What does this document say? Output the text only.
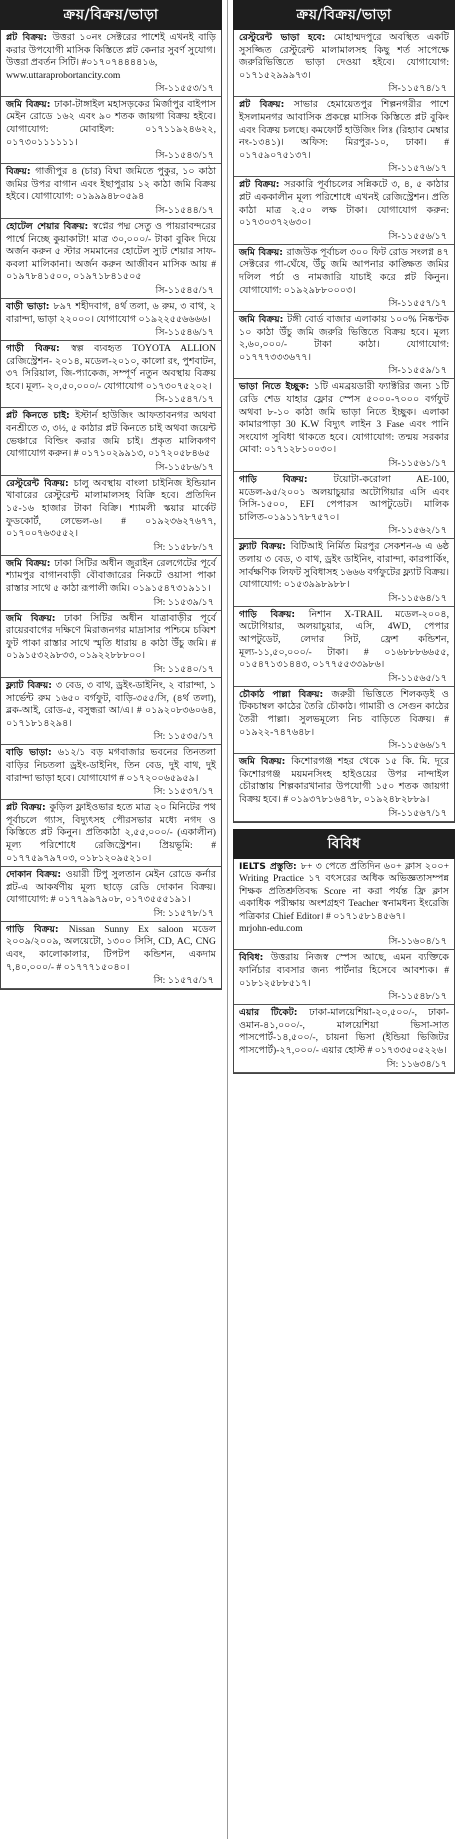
ক্রয়/বিক্রয়/ভাড়া
প্লট বিক্রয়: উত্তরা ১০নং সেক্টরের পাশেই এখনই বাড়ি করার উপযোগী মাসিক কিস্তিতে প্লট কেনার সুবর্ণ সুযোগ। উত্তরা প্রবর্তন সিটি। #০১৭০৭৪৪৪৪১৬,
www.uttaraprobortancity.com
সি-১১৫৫৩/১৭
জমি বিক্রয়: ঢাকা-টাঙ্গাইল মহাসড়কের মির্জাপুর বাইপাস মেইন রোডে ১৬২ এবং ৯০ শতক জায়গা বিক্রয় হইবে। যোগাযোগ: মোবাইল: ০১৭১১৯২৪৬২২, ০১৭৩০১১১১১১।
সি-১১৫৪৩/১৭
বিক্রয়: গাজীপুর ৪ (চার) বিঘা জমিতে পুকুর, ১০ কাঠা জমির উপর বাগান এবং ইছাপুরায় ১২ কাঠা জমি বিক্রয় হইবে। যোগাযোগ: ০১৯৯৯৪৮০৫৯৪
সি-১১৫৪৪/১৭
হোটেল শেয়ার বিক্রয়: স্বপ্নের পদ্ম সেতু ও পায়রাবন্দরের পার্শ্বে নিচ্ছে কুয়াকাটা! মাত্র ৩০,০০০/- টাকা বুকিং দিয়ে অর্জন করুন ৫ স্টার সমমানের হোটেল স্যুট শেয়ার সাফ-কবলা মালিকানা। অর্জন করুন আজীবন মাসিক আয় # ০১৯৭৮৪১৫০০, ০১৯৭১৮৪১৫০৫
সি-১১৫৪৫/১৭
বাড়ী ভাড়া: ৮৯৭ শহীদবাগ, ৪র্থ তলা, ৬ রুম, ৩ বাথ, ২ বারান্দা, ভাড়া ২২০০০। যোগাযোগ ০১৯২২৫৫৬৬৬৬।
সি-১১৫৪৬/১৭
গাড়ী বিক্রয়: স্বল্প ব্যবহৃত TOYOTA ALLION রেজিস্ট্রেশন- ২০১৪, মডেল-২০১০, কালো রং, পুশবাটন, ৩৭ সিরিয়াল, জি-প্যাকেজ, সম্পূর্ণ নতুন অবস্থায় বিক্রয় হবে। মূল্য- ২০,৫০,০০০/- যোগাযোগ ০১৭৩০৭৫২০২।
সি-১১৫৪৭/১৭
প্লট কিনতে চাই: ইস্টার্ন হাউজিং আফতাবনগর অথবা বনশ্রীতে ৩, ৩½, ৫ কাঠার প্লট কিনতে চাই অথবা জয়েন্ট ভেঞ্চারে বিল্ডিং করার জমি চাই। প্রকৃত মালিকগণ যোগাযোগ করুন। # ০১৭১০২৯৯১৩, ০১৭২০৫৮৪৬৫
সি-১১৫৮৬/১৭
রেস্টুরেন্ট বিক্রয়: চালু অবস্থায় বাংলা চাইনিজ ইন্ডিয়ান খাবারের রেস্টুরেন্ট মালামালসহ বিক্রি হবে। প্রতিদিন ১৫-১৬ হাজার টাকা বিক্রি। শ্যামলী স্কয়ার মার্কেট ফুডকোর্ট, লেভেল-৬। # ০১৯২৩৬২৭৬৭৭, ০১৭০০৭৬৩৫৫২।
সি: ১১৫৮৮/১৭
জমি বিক্রয়: ঢাকা সিটির অধীন জুরাইন রেলগেটের পূর্বে শ্যামপুর বাগানবাড়ী বৌবাজারের নিকটে ওয়াসা পাকা রাস্তার সাথে ৫ কাঠা রূপালী জমি। ০১৯১৫৪৭৩১৯১১।
সি: ১১৫৩৯/১৭
জমি বিক্রয়: ঢাকা সিটির অধীন যাত্রাবাড়ীর পূর্বে রায়েরবাগের দক্ষিণে মিরাজনগর মাদ্রাসার পশ্চিমে চব্বিশ ফুট পাকা রাস্তার সাথে স্মৃতি ধারায় ৪ কাঠা উঁচু জমি। # ০১৯১৫৩২৯৮৩৩, ০১৯২২৮৮৮০০।
সি: ১১৫৪০/১৭
ফ্ল্যাট বিক্রয়: ৩ বেড, ৩ বাথ, ড্রইং-ডাইনিং, ২ বারান্দা, ১ সার্ভেন্ট রুম ১৬৫০ বর্গফুট, বাড়ি-৩৫৫/সি, (৪র্থ তলা), ব্লক-আই, রোড-৫, বসুন্ধরা আ/এ। # ০১৯২০৮৩৬০৬৪, ০১৭১৮১৪২৯৪।
সি: ১১৫৩৫/১৭
বাড়ি ভাড়া: ৬১২/১ বড় মগবাজার ভবনের তিনতলা বাড়ির নিচতলা ড্রইং-ডাইনিং, তিন বেড, দুই বাথ, দুই বারান্দা ভাড়া হবে। যোগাযোগ # ০১৭২০০৬৫৯৫৯।
সি: ১১৫৩৭/১৭
প্লট বিক্রয়: কুড়িল ফ্লাইওভার হতে মাত্র ২০ মিনিটের পথ পূর্বাচলে গ্যাস, বিদ্যুৎসহ পৌরসভার মধ্যে নগদ ও কিস্তিতে প্লট কিনুন। প্রতিকাঠা ২,৫৫,০০০/- (একালীন) মূল্য পরিশোধে রেজিস্ট্রেশন। প্রিয়ভূমি: # ০১৭৭৫৯৭৯৭০৩, ০১৮১২০৯৫২১০।
দোকান বিক্রয়: ওয়ারী টিপু সুলতান মেইন রোডে কর্নার প্লট-এ আকর্ষণীয় মূল্য ছাড়ে রেডি দোকান বিক্রয়। যোগাযোগ: # ০১৭৭৯৯৭৯০৮, ০১৭৩৫৫৫১৯১।
সি: ১১৫৭৮/১৭
গাড়ি বিক্রয়: Nissan Sunny Ex saloon মডেল ২০০৯/২০০৯, অলয়েটো, ১৩০০ সিসি, CD, AC, CNG এবং, কালোকালার, টিপটপ কন্ডিশন, একদাম ৭,৪০,০০০/- # ০১৭৭৭১৫০৪০।
সি: ১১৫৭৫/১৭
ক্রয়/বিক্রয়/ভাড়া
রেস্টুরেন্ট ভাড়া হবে: মোহাম্মদপুরে অবস্থিত একটি সুসজ্জিত রেস্টুরেন্ট মালামালসহ কিছু শর্ত সাপেক্ষে জরুরিভিত্তিতে ভাড়া দেওয়া হইবে। যোগাযোগ: ০১৭১৫২৯৯৯৭৩।
সি-১১৫৭৪/১৭
প্লট বিক্রয়: সাভার হেমায়েতপুর শিল্পনগরীর পাশে ইসলামনগর আবাসিক প্রকল্পে মাসিক কিস্তিতে প্লট বুকিং এবং বিক্রয় চলছে। কমফোর্ট হাউজিং লিঃ (রিহ্যাব মেম্বার নং-১৩৪১)। অফিস: মিরপুর-১০, ঢাকা। # ০১৭৫৯০৭৫১৩৭।
সি-১১৫৭৬/১৭
প্লট বিক্রয়: সরকারি পূর্বাচলের সন্নিকটে ৩, ৪, ৫ কাঠার প্লট এককালীন মূল্য পরিশোধে এখনই রেজিস্ট্রেশন। প্রতি কাঠা মাত্র ২.৫০ লক্ষ টাকা। যোগাযোগ করুন: ০১৭৩০৩৭২৬৩০।
সি-১১৫৫৬/১৭
জমি বিক্রয়: রাজউক পূর্বাচল ৩০০ ফিট রোড সংলগ্ন ৪৭ সেক্টরের গা-ঘেঁষে, উঁচু জমি আপনার কাঙ্ক্ষিত জমির দলিল পর্চা ও নামজারি যাচাই করে প্লট কিনুন। যোগাযোগ: ০১৯২৯৮৮০০০৩।
সি-১১৫৫৭/১৭
জমি বিক্রয়: টঙ্গী বোর্ড বাজার এলাকায় ১০০% নিষ্কণ্টক ১০ কাঠা উঁচু জমি জরুরি ভিত্তিতে বিক্রয় হবে। মূল্য ২,৬০,০০০/- টাকা কাঠা। যোগাযোগ: ০১৭৭৭৩৩৩৬৭৭।
সি-১১৫৫৯/১৭
ভাড়া নিতে ইচ্ছুক: ১টি এমব্রয়ডারী ফ্যাক্টরির জন্য ১টি রেডি শেড যাহার ফ্লোর স্পেস ৫০০০-৭০০০ বর্গফুট অথবা ৮-১০ কাঠা জমি ভাড়া নিতে ইচ্ছুক। এলাকা কামারপাড়া 30 K.W বিদ্যুৎ লাইন 3 Fase এবং পানি সংযোগ সুবিধা থাকতে হবে। যোগাযোগ: তন্ময় সরকার মোবা: ০১৭১২৮১০০৩০।
সি-১১৫৬১/১৭
গাড়ি বিক্রয়: টয়োটা-করোলা AE-100, মডেল-৯৫/২০০১ অলয়াচুয়ার অটোগিয়ার এসি এবং সিসি-১৫০০, EFI পেপারস আপটুডেট। মালিক চালিত-০১৯১১৭৮৭৫৭০।
সি-১১৫৬২/১৭
ফ্ল্যাট বিক্রয়: বিটিআই নির্মিত মিরপুর সেকশন-৬ এ ৬ষ্ঠ তলায় ৩ বেড, ৩ বাথ, ড্রইং ডাইনিং, বারান্দা, কারপার্কিং, সার্বক্ষণিক লিফট সুবিধাসহ ১৬৬৬ বর্গফুটের ফ্ল্যাট বিক্রয়। যোগাযোগ: ০১৫৩৯৯৮৯৮৮।
সি-১১৫৬৪/১৭
গাড়ি বিক্রয়: নিশান X-TRAIL মডেল-২০০৪, অটোগিয়ার, অলয়াচুয়ার, এসি, 4WD, পেপার আপটুডেট, লেদার সিট, ফ্রেশ কন্ডিশন, মূল্য-১১,৫০,০০০/- টাকা। # ০১৬৮৮৮৬৬৫৫, ০১৫৪৭১৩১৪৪৩, ০১৭৭৫৫৩৩৯৮৬।
সি-১১৫৬৫/১৭
চৌকাঠ পাল্লা বিক্রয়: জরুরী ভিত্তিতে শিলকড়ই ও টিকচাম্বল কাঠের তৈরি চৌকাঠ। গামারী ও সেগুন কাঠের তৈরী পাল্লা। সুলভমূল্যে নিচ বাড়িতে বিক্রয়। # ০১৯২২-৭৪৭৬৪৮।
সি-১১৫৬৬/১৭
জমি বিক্রয়: কিশোরগঞ্জ শহর থেকে ১৫ কি. মি. দূরে কিশোরগঞ্জ ময়মনসিংহ হাইওয়ের উপর নান্দাইল চৌরাস্তায় শিল্পকারখানার উপযোগী ১৫০ শতক জায়গা বিক্রয় হবে। # ০১৯৩৭৮১৬৪৭৮, ০১৯২৪৮২৮৮৯।
সি-১১৫৬৭/১৭
বিবিধ
IELTS প্রস্তুতি: ৮+ ৩ পেতে প্রতিদিন ৬০+ ক্লাস ২০০+ Writing Practice ১৭ বৎসরের অধিক অভিজ্ঞতাসম্পন্ন শিক্ষক প্রতিশ্রুতিবদ্ধ Score না করা পর্যন্ত ফ্রি ক্লাস একাধিক পরীক্ষায় অংশগ্রহণ Teacher স্বনামধন্য ইংরেজি পত্রিকার Chief Editor। # ০১৭১৫৮১৪৫৬৭।
mrjohn-edu.com
সি-১১৬০৪/১৭
বিবিধ: উত্তরায় নিজস্ব স্পেস আছে, এমন ব্যক্তিকে ফার্নিচার ব্যবসার জন্য পার্টনার হিসেবে আবশ্যক। # ০১৮১২৫৮৮৫১৭।
সি-১১৫৪৮/১৭
এয়ার টিকেট: ঢাকা-মালয়েশিয়া-২০,৫০০/-, ঢাকা-ওমান-৪১,০০০/-, মালয়েশিয়া ভিসা-সাত পাসপোর্ট-১৪,৫০০/-, চায়না ভিসা (ইন্ডিয়া ভিজিটর পাসপোর্ট)-২৭,০০০/- এয়ার হোস্ট # ০১৭৩৩৫০৫২২৬।
সি: ১১৬৩৪/১৭
